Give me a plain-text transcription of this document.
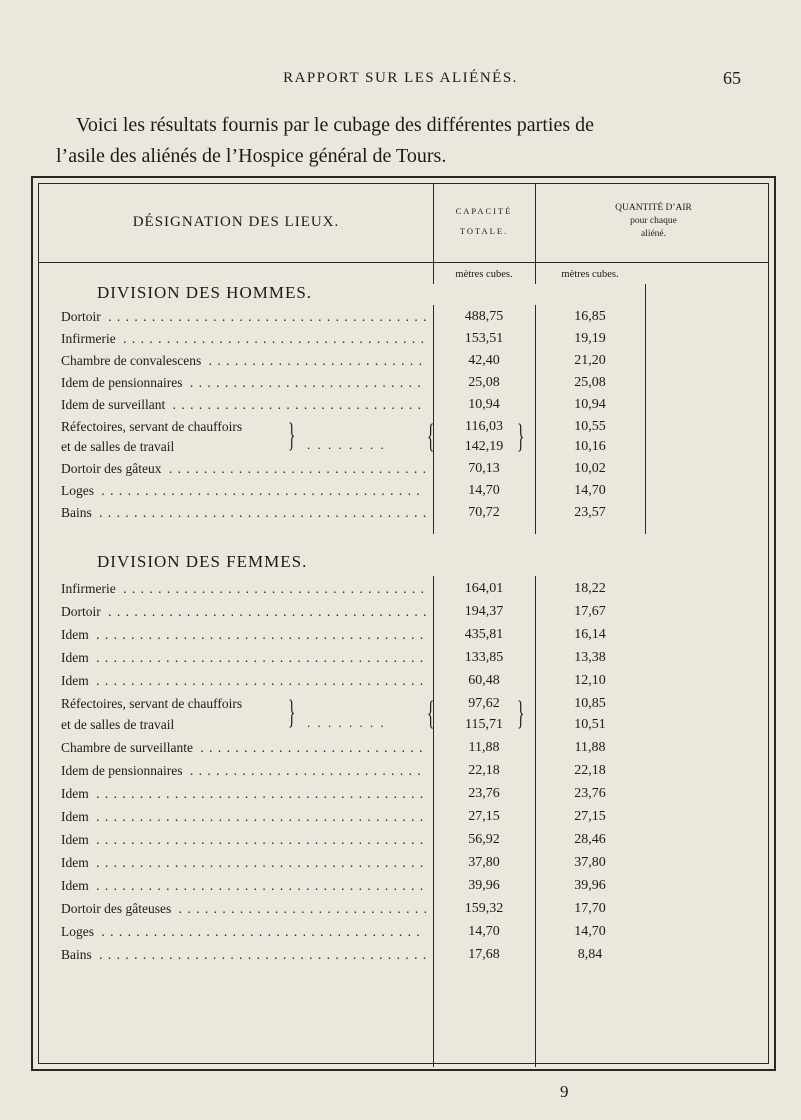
RAPPORT SUR LES ALIÉNÉS.	65

Voici les résultats fournis par le cubage des différentes parties de
l’asile des aliénés de l’Hospice général de Tours.

DÉSIGNATION DES LIEUX.
CAPACITÉ
TOTALE.
QUANTITÉ D’AIR
pour chaque
aliéné.
mètres cubes.	mètres cubes.
DIVISION DES HOMMES.
Dortoir . . .	488,75	16,85
Infirmerie . . .	153,51	19,19
Chambre de convalescens . . .	42,40	21,20
Idem de pensionnaires . . .	25,08	25,08
Idem de surveillant . . .	10,94	10,94
Réfectoires, servant de chauffoirs	116,03	10,55
et de salles de travail	142,19	10,16
} . . . . . . . . { }
Dortoir des gâteux . . .	70,13	10,02
Loges . . .	14,70	14,70
Bains . . .	70,72	23,57
DIVISION DES FEMMES.
Infirmerie . . .	164,01	18,22
Dortoir . . .	194,37	17,67
Idem . . .	435,81	16,14
Idem . . .	133,85	13,38
Idem . . .	60,48	12,10
Réfectoires, servant de chauffoirs	97,62	10,85
et de salles de travail	115,71	10,51
} . . . . . . . . { }
Chambre de surveillante . . .	11,88	11,88
Idem de pensionnaires . . .	22,18	22,18
Idem . . .	23,76	23,76
Idem . . .	27,15	27,15
Idem . . .	56,92	28,46
Idem . . .	37,80	37,80
Idem . . .	39,96	39,96
Dortoir des gâteuses . . .	159,32	17,70
Loges . . .	14,70	14,70
Bains . . .	17,68	8,84
9
